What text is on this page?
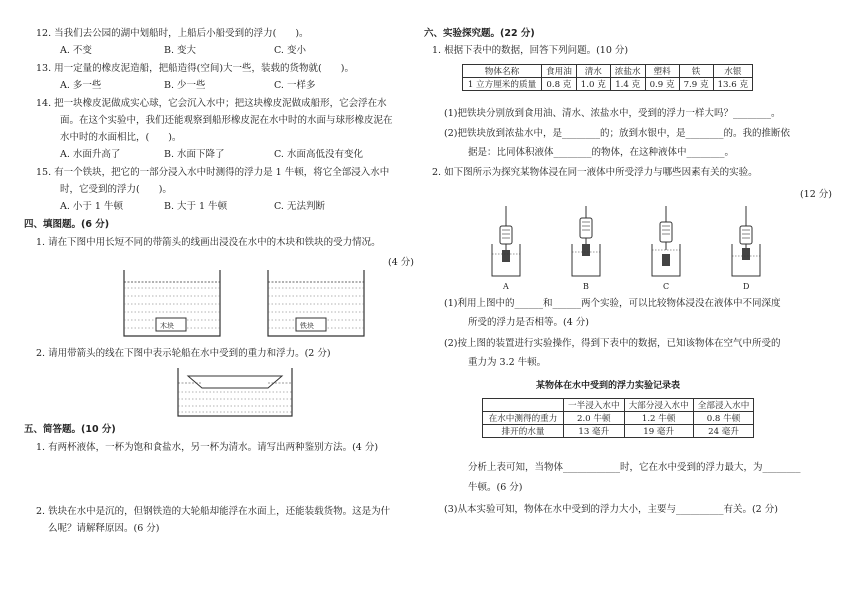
12. 当我们去公园的湖中划船时，上船后小船受到的浮力(　　)。
A. 不变	B. 变大	C. 变小
13. 用一定量的橡皮泥造船，把船造得(空间)大一些，装载的货物就(　　)。
A. 多一些	B. 少一些	C. 一样多
14. 把一块橡皮泥做成实心球，它会沉入水中；把这块橡皮泥做成船形，它会浮在水
面。在这个实验中，我们还能观察到船形橡皮泥在水中时的水面与球形橡皮泥在
水中时的水面相比，(　　)。
A. 水面升高了	B. 水面下降了	C. 水面高低没有变化
15. 有一个铁块，把它的一部分浸入水中时测得的浮力是 1 牛顿，将它全部浸入水中
时，它受到的浮力(　　)。
A. 小于 1 牛顿	B. 大于 1 牛顿	C. 无法判断
四、填图题。(6 分)
1. 请在下图中用长短不同的带箭头的线画出浸没在水中的木块和铁块的受力情况。
(4 分)
木块	铁块
2. 请用带箭头的线在下图中表示轮船在水中受到的重力和浮力。(2 分)
五、简答题。(10 分)
1. 有两杯液体，一杯为饱和食盐水，另一杯为清水。请写出两种鉴别方法。(4 分)
2. 铁块在水中是沉的，但钢铁造的大轮船却能浮在水面上，还能装载货物。这是为什
么呢？请解释原因。(6 分)
六、实验探究题。(22 分)
1. 根据下表中的数据，回答下列问题。(10 分)
物体名称	食用油	清水	浓盐水	塑料	铁	水银
1 立方厘米的质量	0.8 克	1.0 克	1.4 克	0.9 克	7.9 克	13.6 克
(1)把铁块分别放到食用油、清水、浓盐水中，受到的浮力一样大吗？________。
(2)把铁块放到浓盐水中，是________的；放到水银中，是________的。我的推断依
据是：比同体积液体________的物体，在这种液体中________。
2. 如下图所示为探究某物体浸在同一液体中所受浮力与哪些因素有关的实验。
(12 分)
A	B	C	D
(1)利用上图中的______和______两个实验，可以比较物体浸没在液体中不同深度
所受的浮力是否相等。(4 分)
(2)按上图的装置进行实验操作，得到下表中的数据，已知该物体在空气中所受的
重力为 3.2 牛顿。
某物体在水中受到的浮力实验记录表
	一半浸入水中	大部分浸入水中	全部浸入水中
在水中测得的重力	2.0 牛顿	1.2 牛顿	0.8 牛顿
排开的水量	13 毫升	19 毫升	24 毫升
分析上表可知，当物体____________时，它在水中受到的浮力最大，为________
牛顿。(6 分)
(3)从本实验可知，物体在水中受到的浮力大小，主要与__________有关。(2 分)
